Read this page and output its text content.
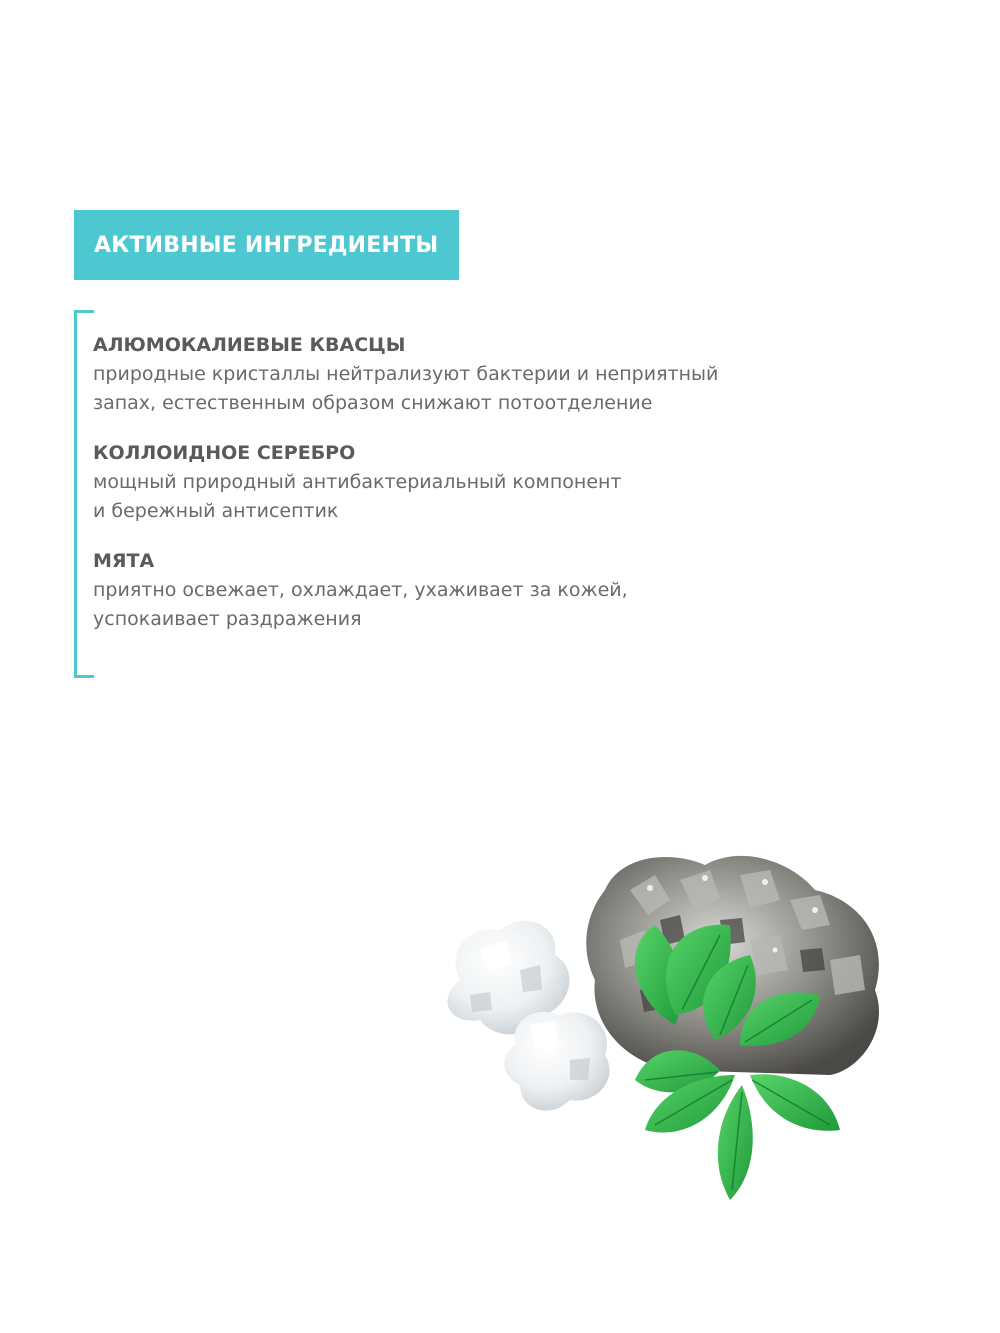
АКТИВНЫЕ ИНГРЕДИЕНТЫ
АЛЮМОКАЛИЕВЫЕ КВАСЦЫ
природные кристаллы нейтрализуют бактерии и неприятный
запах, естественным образом снижают потоотделение
КОЛЛОИДНОЕ СЕРЕБРО
мощный природный антибактериальный компонент
и бережный антисептик
МЯТА
приятно освежает, охлаждает, ухаживает за кожей,
успокаивает раздражения
